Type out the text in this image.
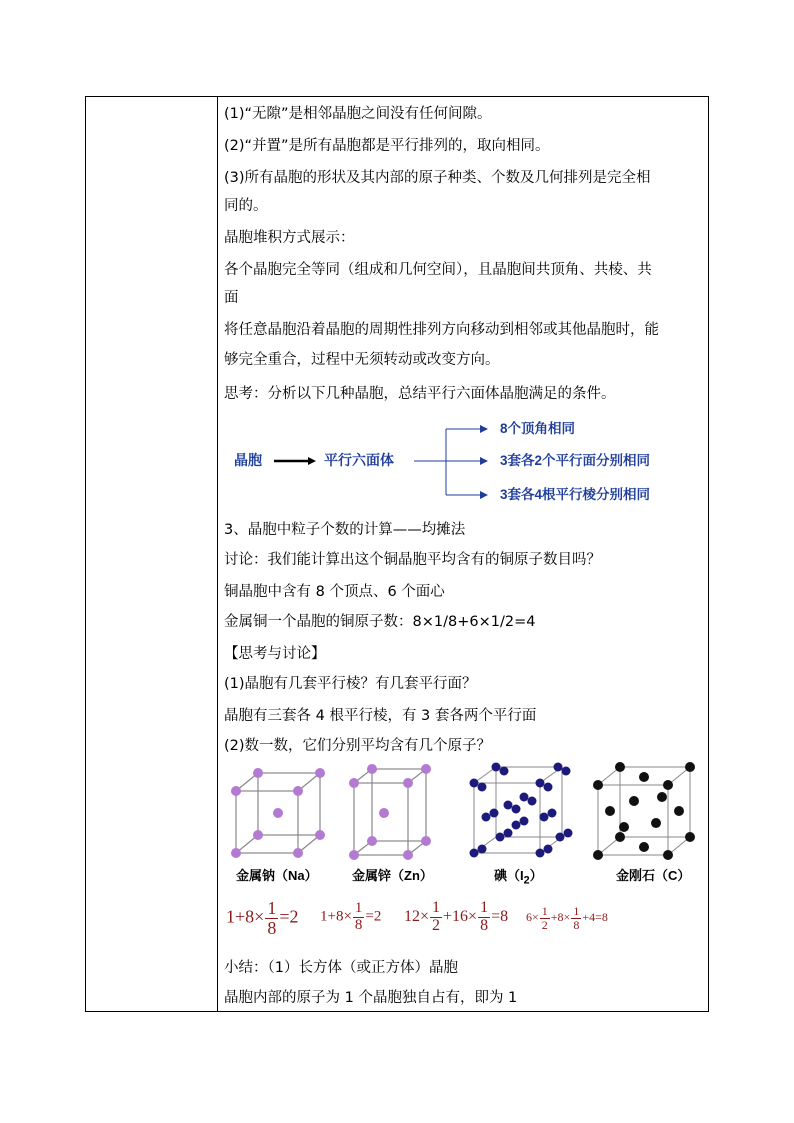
(1)“无隙”是相邻晶胞之间没有任何间隙。
(2)“并置”是所有晶胞都是平行排列的，取向相同。
(3)所有晶胞的形状及其内部的原子种类、个数及几何排列是完全相
同的。
晶胞堆积方式展示：
各个晶胞完全等同（组成和几何空间），且晶胞间共顶角、共棱、共
面
将任意晶胞沿着晶胞的周期性排列方向移动到相邻或其他晶胞时，能
够完全重合，过程中无须转动或改变方向。
思考：分析以下几种晶胞，总结平行六面体晶胞满足的条件。
晶胞	平行六面体
8个顶角相同
3套各2个平行面分别相同
3套各4根平行棱分别相同
3、晶胞中粒子个数的计算——均摊法
讨论：我们能计算出这个铜晶胞平均含有的铜原子数目吗？
铜晶胞中含有 8 个顶点、6 个面心
金属铜一个晶胞的铜原子数：8×1/8+6×1/2=4
【思考与讨论】
(1)晶胞有几套平行棱？有几套平行面？
晶胞有三套各 4 根平行棱，有 3 套各两个平行面
(2)数一数，它们分别平均含有几个原子？
金属钠（Na）	金属锌（Zn）	碘$(I_2)$	金刚石（C）
$1+8\times \frac{1}{8} =2$ $1+8\times \frac{1}{8} =2$ $12\times \frac{1}{2} +16\times \frac{1}{8} =8$ $6\times \frac{1}{2} +8\times \frac{1}{8} +4=8$
小结：（1）长方体（或正方体）晶胞
晶胞内部的原子为 1 个晶胞独自占有，即为 1
